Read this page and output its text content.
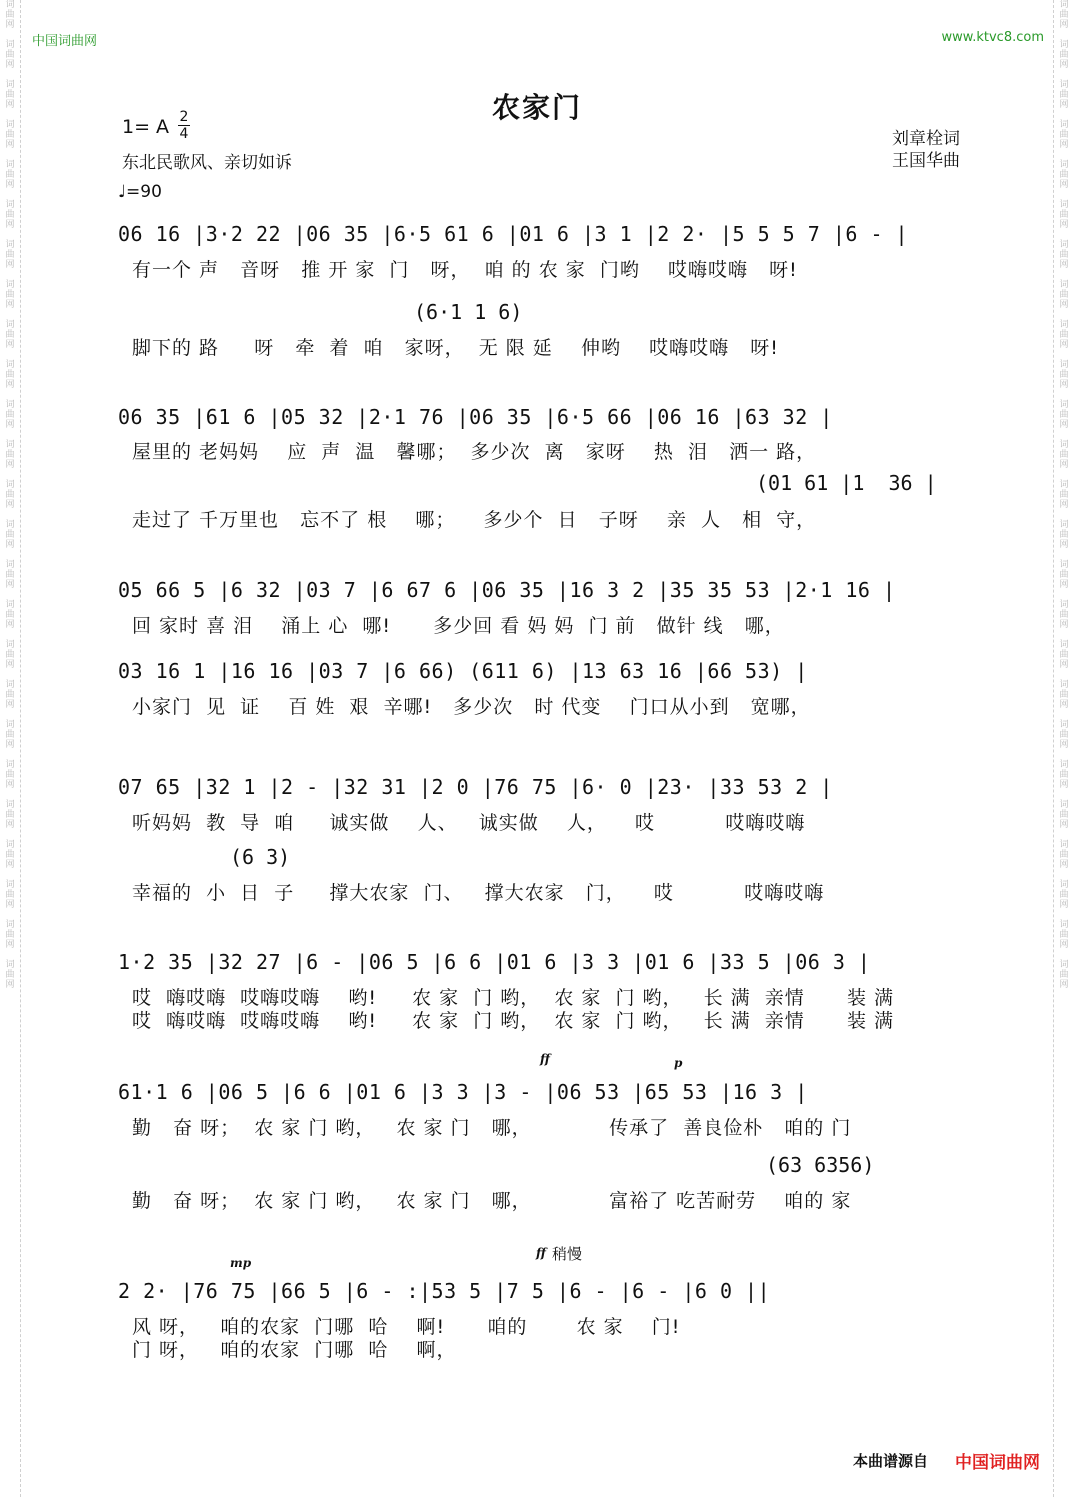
词
曲
网

词
曲
网

词
曲
网

词
曲
网

词
曲
网

词
曲
网

词
曲
网

词
曲
网

词
曲
网

词
曲
网

词
曲
网

词
曲
网

词
曲
网

词
曲
网

词
曲
网

词
曲
网

词
曲
网

词
曲
网

词
曲
网

词
曲
网

词
曲
网

词
曲
网

词
曲
网

词
曲
网

词
曲
网

词
曲
网

词
曲
网

词
曲
网

词
曲
网

词
曲
网

词
曲
网

词
曲
网

词
曲
网

词
曲
网

词
曲
网

词
曲
网

词
曲
网

词
曲
网

词
曲
网

词
曲
网

词
曲
网

词
曲
网

词
曲
网

词
曲
网

词
曲
网

词
曲
网

词
曲
网

词
曲
网

词
曲
网

词
曲
网

中国词曲网	www.ktvc8.com
农家门
1= A 2
4
东北民歌风、亲切如诉
♩=90
刘章栓词
王国华曲
06 16 |3·2 22 |06 35 |6·5 61 6 |01 6 |3 1 |2 2· |5 5 5 7 |6 - |
有一个 声   音呀   推 开 家  门   呀，  咱 的 农 家  门哟    哎嗨哎嗨   呀!
(6·1 1 6)
脚下的 路     呀   牵  着  咱   家呀，  无 限 延    伸哟    哎嗨哎嗨   呀!
06 35 |61 6 |05 32 |2·1 76 |06 35 |6·5 66 |06 16 |63 32 |
屋里的 老妈妈    应  声  温   馨哪；  多少次  离   家呀    热  泪   洒一 路，
(01 61 |1  36 |
走过了 千万里也   忘不了 根    哪；    多少个  日   子呀    亲  人   相  守，
05 66 5 |6 32 |03 7 |6 67 6 |06 35 |16 3 2 |35 35 53 |2·1 16 |
回 家时 喜 泪    涌上 心  哪!      多少回 看 妈 妈  门 前   做针 线   哪，
03 16 1 |16 16 |03 7 |6 66) (611 6) |13 63 16 |66 53) |
小家门  见  证    百 姓  艰  辛哪!   多少次   时 代变    门口从小到   宽哪，
07 65 |32 1 |2 - |32 31 |2 0 |76 75 |6· 0 |23· |33 53 2 |
听妈妈  教  导  咱     诚实做    人、   诚实做    人，    哎          哎嗨哎嗨
(6 3)
幸福的  小  日  子     撑大农家  门、   撑大农家   门，    哎          哎嗨哎嗨
1·2 35 |32 27 |6 - |06 5 |6 6 |01 6 |3 3 |01 6 |33 5 |06 3 |
哎  嗨哎嗨  哎嗨哎嗨    哟!     农 家  门 哟，  农 家  门 哟，   长 满  亲情      装 满
哎  嗨哎嗨  哎嗨哎嗨    哟!     农 家  门 哟，  农 家  门 哟，   长 满  亲情      装 满
ff	p
61·1 6 |06 5 |6 6 |01 6 |3 3 |3 - |06 53 |65 53 |16 3 |
勤   奋 呀；  农 家 门 哟，   农 家 门   哪，           传承了  善良俭朴   咱的 门
(63 6356)
勤   奋 呀；  农 家 门 哟，   农 家 门   哪，           富裕了 吃苦耐劳    咱的 家
mp
ff 稍慢
2 2· |76 75 |66 5 |6 - :|53 5 |7 5 |6 - |6 - |6 0 ||
风 呀，   咱的农家  门哪  哈    啊!      咱的       农 家    门!
门 呀，   咱的农家  门哪  哈    啊，
本曲谱源自 中国词曲网
